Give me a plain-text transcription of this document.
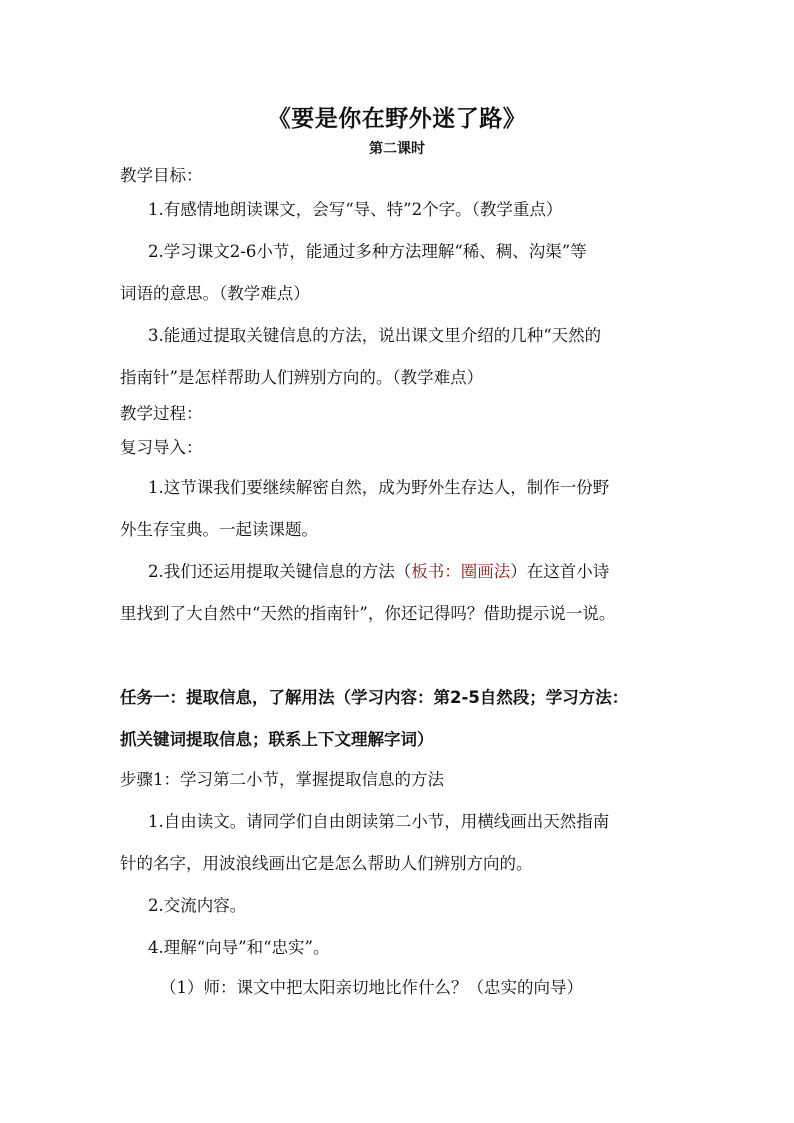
《要是你在野外迷了路》
第二课时
教学目标：
1.有感情地朗读课文，会写“导、特”2个字。（教学重点）
2.学习课文2-6小节，能通过多种方法理解“稀、稠、沟渠”等
词语的意思。（教学难点）
3.能通过提取关键信息的方法，说出课文里介绍的几种“天然的
指南针”是怎样帮助人们辨别方向的。（教学难点）
教学过程：
复习导入：
1.这节课我们要继续解密自然，成为野外生存达人，制作一份野
外生存宝典。一起读课题。
2.我们还运用提取关键信息的方法（板书：圈画法）在这首小诗
里找到了大自然中“天然的指南针”，你还记得吗？借助提示说一说。
任务一：提取信息，了解用法（学习内容：第2-5自然段；学习方法：
抓关键词提取信息；联系上下文理解字词）
步骤1：学习第二小节，掌握提取信息的方法
1.自由读文。请同学们自由朗读第二小节，用横线画出天然指南
针的名字，用波浪线画出它是怎么帮助人们辨别方向的。
2.交流内容。
4.理解“向导”和“忠实”。
（1）师：课文中把太阳亲切地比作什么？（忠实的向导）
